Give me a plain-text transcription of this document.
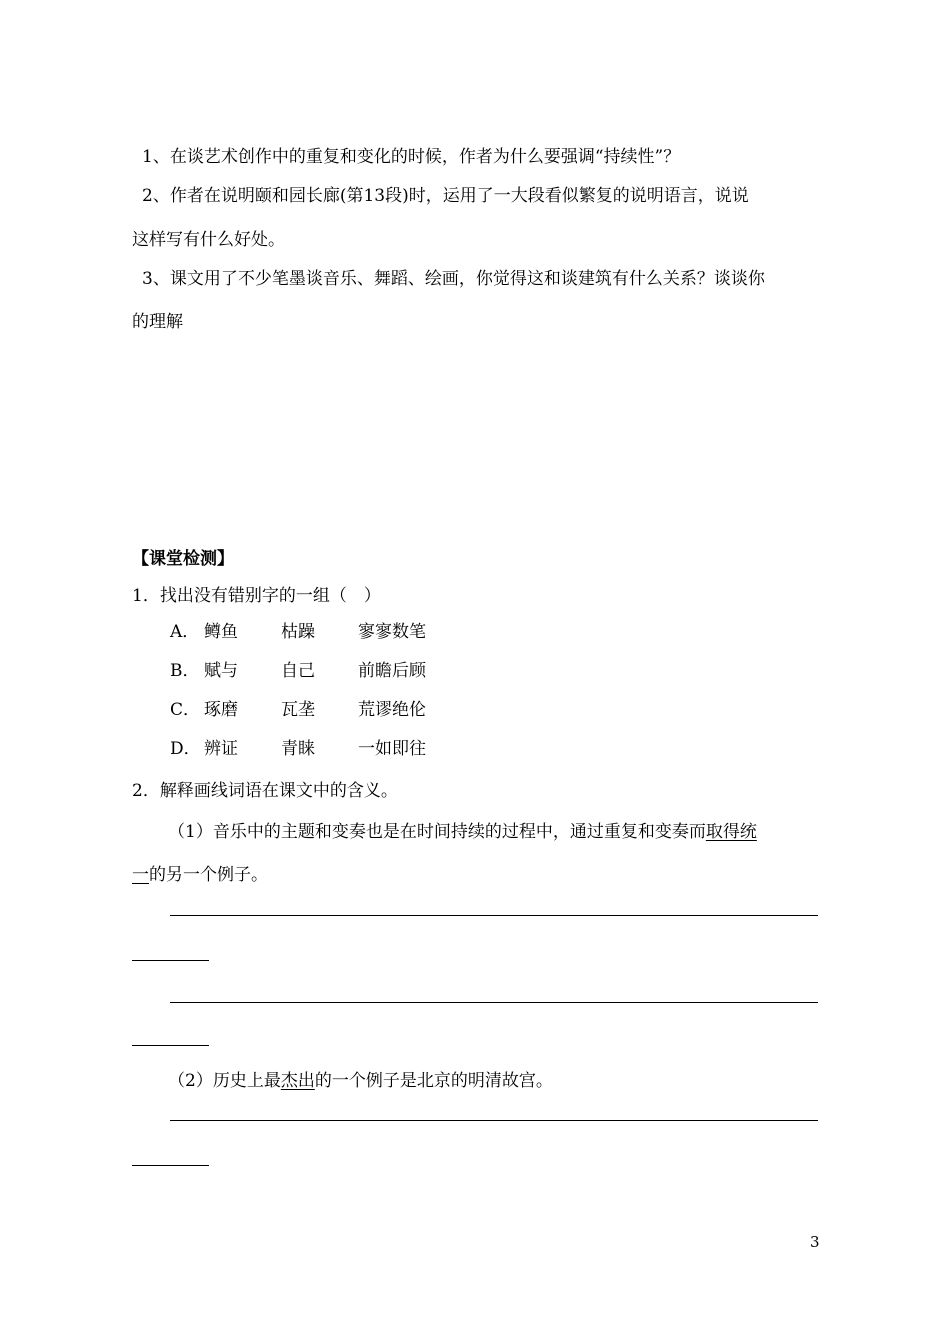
1、在谈艺术创作中的重复和变化的时候，作者为什么要强调“持续性”？
2、作者在说明颐和园长廊(第13段)时，运用了一大段看似繁复的说明语言，说说
这样写有什么好处。
3、课文用了不少笔墨谈音乐、舞蹈、绘画，你觉得这和谈建筑有什么关系？谈谈你
的理解
【课堂检测】
1．找出没有错别字的一组（　）
A． 鳟鱼	枯躁	寥寥数笔
B． 赋与	自己	前瞻后顾
C． 琢磨	瓦垄	荒谬绝伦
D． 辨证	青睐	一如即往
2．解释画线词语在课文中的含义。
（1）音乐中的主题和变奏也是在时间持续的过程中，通过重复和变奏而取得统
一的另一个例子。
（2）历史上最杰出的一个例子是北京的明清故宫。
3
